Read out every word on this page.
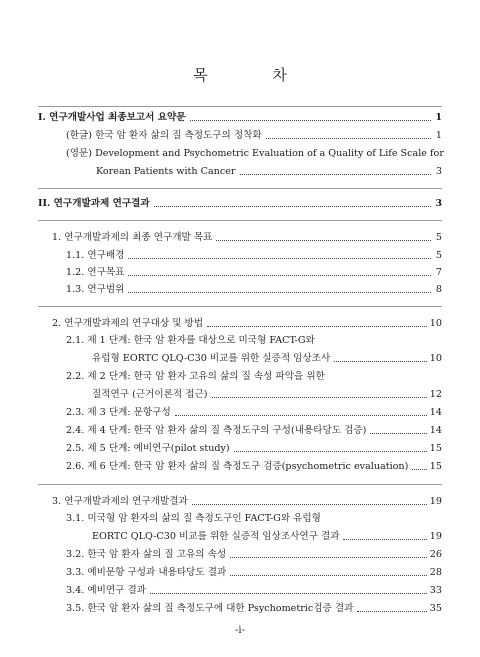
목 차
I. 연구개발사업 최종보고서 요약문	1
(한글) 한국 암 환자 삶의 질 측정도구의 정착화	1
(영문) Development and Psychometric Evaluation of a Quality of Life Scale for
Korean Patients with Cancer	3
II. 연구개발과제 연구결과	3
1. 연구개발과제의 최종 연구개발 목표	5
1.1. 연구배경	5
1.2. 연구목표	7
1.3. 연구범위	8
2. 연구개발과제의 연구대상 및 방법	10
2.1. 제 1 단계: 한국 암 환자를 대상으로 미국형 FACT-G와
유럽형 EORTC QLQ-C30 비교를 위한 실증적 임상조사	10
2.2. 제 2 단계: 한국 암 환자 고유의 삶의 질 속성 파악을 위한
질적연구 (근거이론적 접근)	12
2.3. 제 3 단계: 문항구성	14
2.4. 제 4 단계: 한국 암 환자 삶의 질 측정도구의 구성(내용타당도 검증)	14
2.5. 제 5 단계: 예비연구(pilot study)	15
2.6. 제 6 단계: 한국 암 환자 삶의 질 측정도구 검증(psychometric evaluation) 15
3. 연구개발과제의 연구개발결과	19
3.1. 미국형 암 환자의 삶의 질 측정도구인 FACT-G와 유럽형
EORTC QLQ-C30 비교를 위한 실증적 임상조사연구 결과	19
3.2. 한국 암 환자 삶의 질 고유의 속성	26
3.3. 예비문항 구성과 내용타당도 결과	28
3.4. 예비연구 결과	33
3.5. 한국 암 환자 삶의 질 측정도구에 대한 Psychometric검증 결과	35
-i-
